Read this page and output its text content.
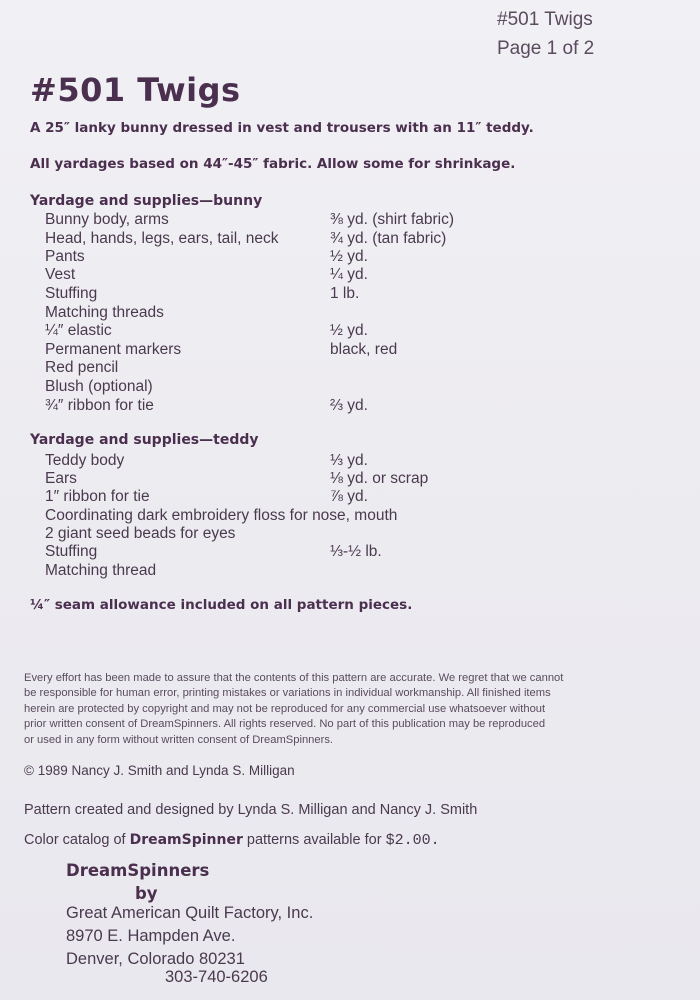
#501 Twigs
Page 1 of 2
#501 Twigs
A 25″ lanky bunny dressed in vest and trousers with an 11″ teddy.
All yardages based on 44″-45″ fabric. Allow some for shrinkage.
Yardage and supplies—bunny
Bunny body, arms	⅜ yd. (shirt fabric)
Head, hands, legs, ears, tail, neck	¾ yd. (tan fabric)
Pants	½ yd.
Vest	¼ yd.
Stuffing	1 lb.
Matching threads
¼″ elastic	½ yd.
Permanent markers	black, red
Red pencil
Blush (optional)
¾″ ribbon for tie	⅔ yd.
Yardage and supplies—teddy
Teddy body	⅓ yd.
Ears	⅛ yd. or scrap
1″ ribbon for tie	⅞ yd.
Coordinating dark embroidery floss for nose, mouth
2 giant seed beads for eyes
Stuffing	⅓-½ lb.
Matching thread
¼″ seam allowance included on all pattern pieces.
Every effort has been made to assure that the contents of this pattern are accurate. We regret that we cannot
be responsible for human error, printing mistakes or variations in individual workmanship. All finished items
herein are protected by copyright and may not be reproduced for any commercial use whatsoever without
prior written consent of DreamSpinners. All rights reserved. No part of this publication may be reproduced
or used in any form without written consent of DreamSpinners.
© 1989 Nancy J. Smith and Lynda S. Milligan
Pattern created and designed by Lynda S. Milligan and Nancy J. Smith
Color catalog of DreamSpinner patterns available for $2.00.
DreamSpinners
by
Great American Quilt Factory, Inc.
8970 E. Hampden Ave.
Denver, Colorado 80231
303-740-6206
